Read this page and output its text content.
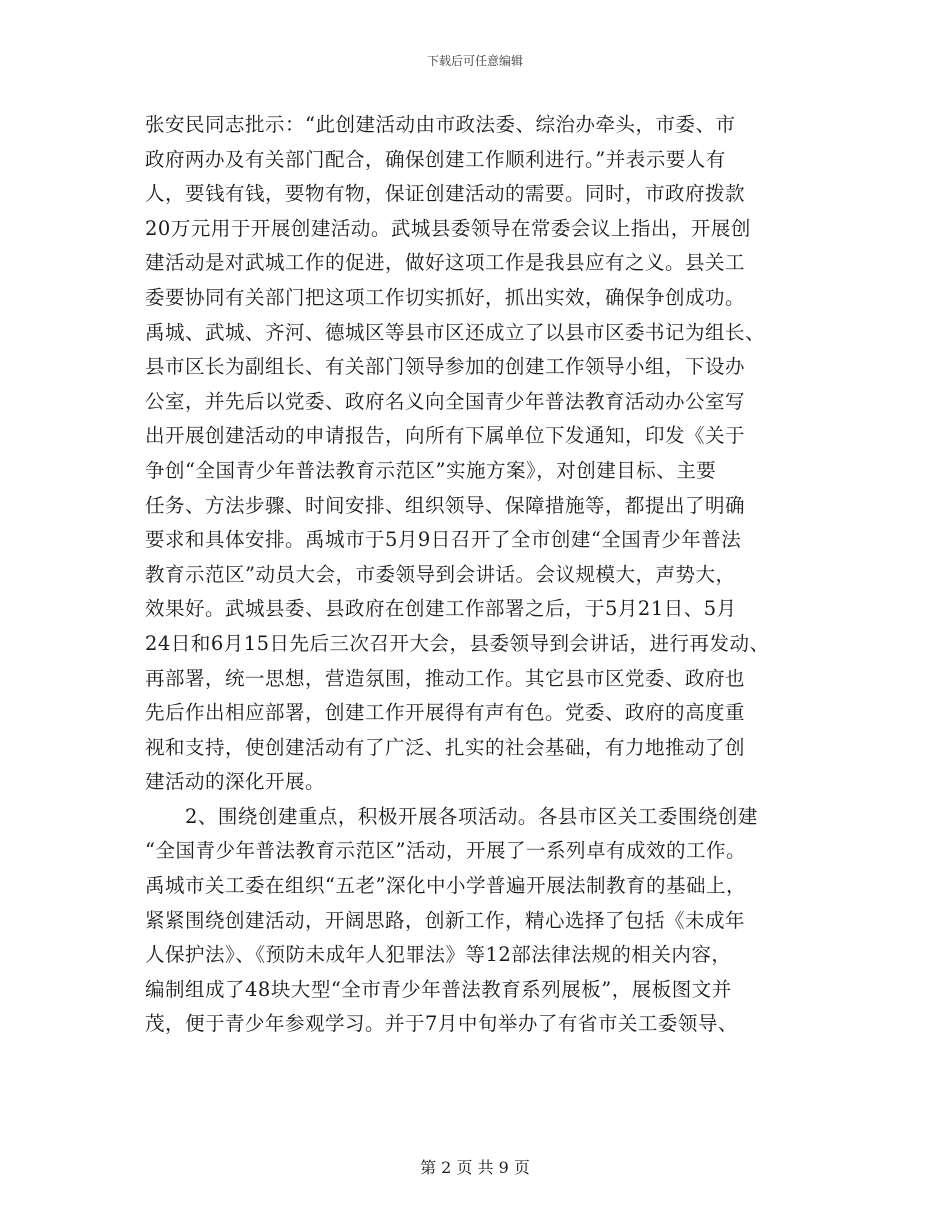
下载后可任意编辑
张安民同志批示：“此创建活动由市政法委、综治办牵头，市委、市
政府两办及有关部门配合，确保创建工作顺利进行。”并表示要人有
人，要钱有钱，要物有物，保证创建活动的需要。同时，市政府拨款
20万元用于开展创建活动。武城县委领导在常委会议上指出，开展创
建活动是对武城工作的促进，做好这项工作是我县应有之义。县关工
委要协同有关部门把这项工作切实抓好，抓出实效，确保争创成功。
禹城、武城、齐河、德城区等县市区还成立了以县市区委书记为组长、
县市区长为副组长、有关部门领导参加的创建工作领导小组，下设办
公室，并先后以党委、政府名义向全国青少年普法教育活动办公室写
出开展创建活动的申请报告，向所有下属单位下发通知，印发《关于
争创“全国青少年普法教育示范区”实施方案》，对创建目标、主要
任务、方法步骤、时间安排、组织领导、保障措施等，都提出了明确
要求和具体安排。禹城市于5月9日召开了全市创建“全国青少年普法
教育示范区”动员大会，市委领导到会讲话。会议规模大，声势大，
效果好。武城县委、县政府在创建工作部署之后，于5月21日、5月
24日和6月15日先后三次召开大会，县委领导到会讲话，进行再发动、
再部署，统一思想，营造氛围，推动工作。其它县市区党委、政府也
先后作出相应部署，创建工作开展得有声有色。党委、政府的高度重
视和支持，使创建活动有了广泛、扎实的社会基础，有力地推动了创
建活动的深化开展。
　　2、围绕创建重点，积极开展各项活动。各县市区关工委围绕创建
“全国青少年普法教育示范区”活动，开展了一系列卓有成效的工作。
禹城市关工委在组织“五老”深化中小学普遍开展法制教育的基础上，
紧紧围绕创建活动，开阔思路，创新工作，精心选择了包括《未成年
人保护法》、《预防未成年人犯罪法》等12部法律法规的相关内容，
编制组成了48块大型“全市青少年普法教育系列展板”，展板图文并
茂，便于青少年参观学习。并于7月中旬举办了有省市关工委领导、
第 2 页 共 9 页
